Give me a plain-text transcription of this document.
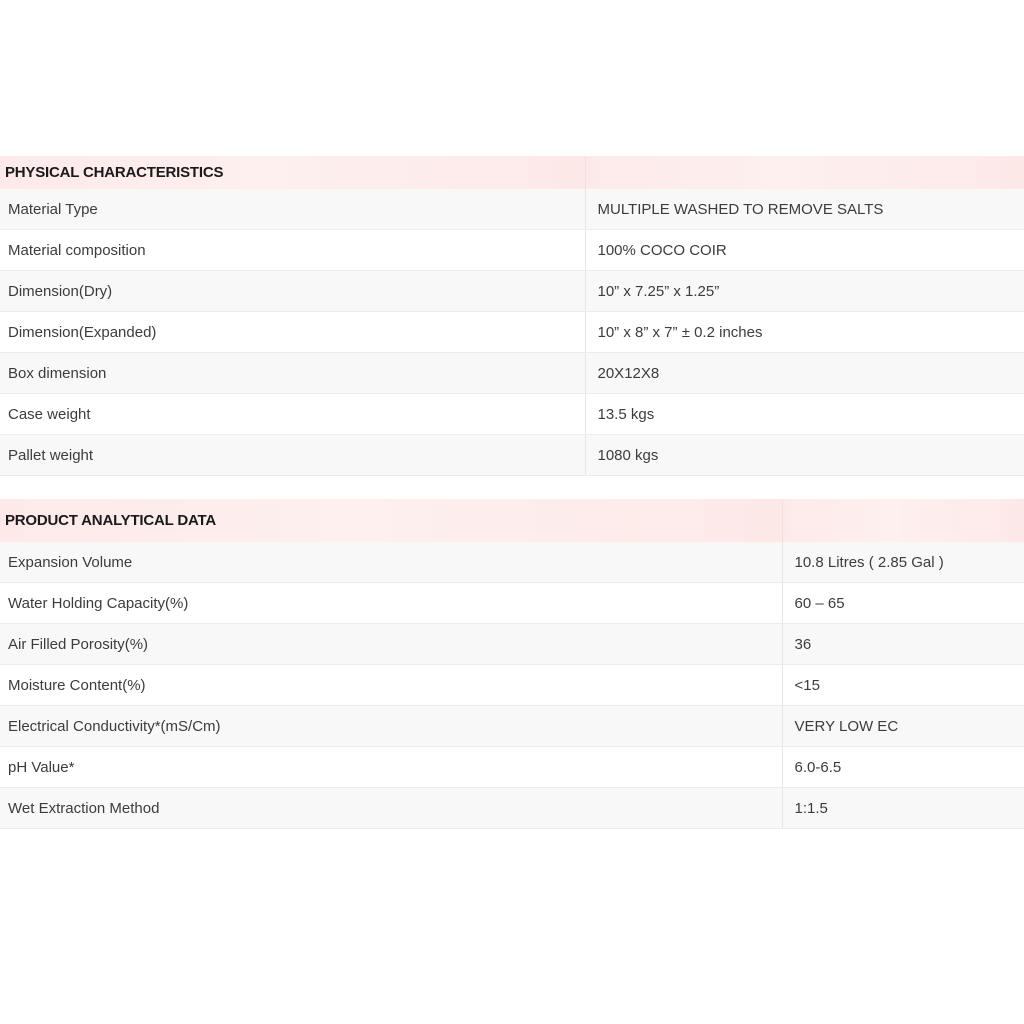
PHYSICAL CHARACTERISTICS	
Material Type	MULTIPLE WASHED TO REMOVE SALTS
Material composition	100% COCO COIR
Dimension(Dry)	10” x 7.25” x 1.25”
Dimension(Expanded)	10” x 8” x 7” ± 0.2 inches
Box dimension	20X12X8
Case weight	13.5 kgs
Pallet weight	1080 kgs
PRODUCT ANALYTICAL DATA	
Expansion Volume	10.8 Litres ( 2.85 Gal )
Water Holding Capacity(%)	60 – 65
Air Filled Porosity(%)	36
Moisture Content(%)	<15
Electrical Conductivity*(mS/Cm)	VERY LOW EC
pH Value*	6.0-6.5
Wet Extraction Method	1:1.5
